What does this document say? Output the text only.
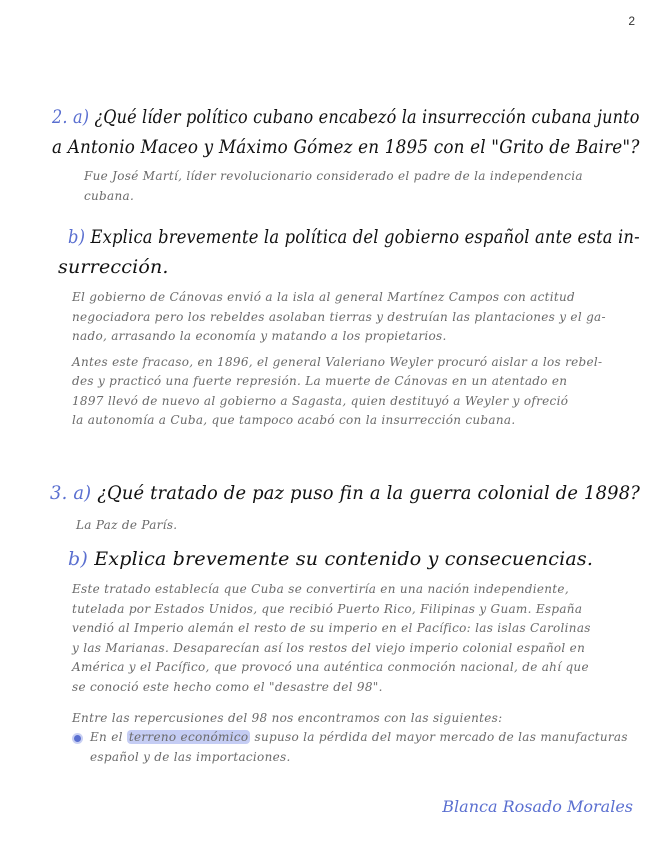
2
2. a) ¿Qué líder político cubano encabezó la insurrección cubana junto
a Antonio Maceo y Máximo Gómez en 1895 con el "Grito de Baire"?
Fue José Martí, líder revolucionario considerado el padre de la independencia
cubana.
b) Explica brevemente la política del gobierno español ante esta in-
surrección.
El gobierno de Cánovas envió a la isla al general Martínez Campos con actitud
negociadora pero los rebeldes asolaban tierras y destruían las plantaciones y el ga-
nado, arrasando la economía y matando a los propietarios.
Antes este fracaso, en 1896, el general Valeriano Weyler procuró aislar a los rebel-
des y practicó una fuerte represión. La muerte de Cánovas en un atentado en
1897 llevó de nuevo al gobierno a Sagasta, quien destituyó a Weyler y ofreció
la autonomía a Cuba, que tampoco acabó con la insurrección cubana.
3. a) ¿Qué tratado de paz puso fin a la guerra colonial de 1898?
La Paz de París.
b) Explica brevemente su contenido y consecuencias.
Este tratado establecía que Cuba se convertiría en una nación independiente,
tutelada por Estados Unidos, que recibió Puerto Rico, Filipinas y Guam. España
vendió al Imperio alemán el resto de su imperio en el Pacífico: las islas Carolinas
y las Marianas. Desaparecían así los restos del viejo imperio colonial español en
América y el Pacífico, que provocó una auténtica conmoción nacional, de ahí que
se conoció este hecho como el "desastre del 98".
Entre las repercusiones del 98 nos encontramos con las siguientes:
En el terreno económico supuso la pérdida del mayor mercado de las manufacturas
español y de las importaciones.
Blanca Rosado Morales
